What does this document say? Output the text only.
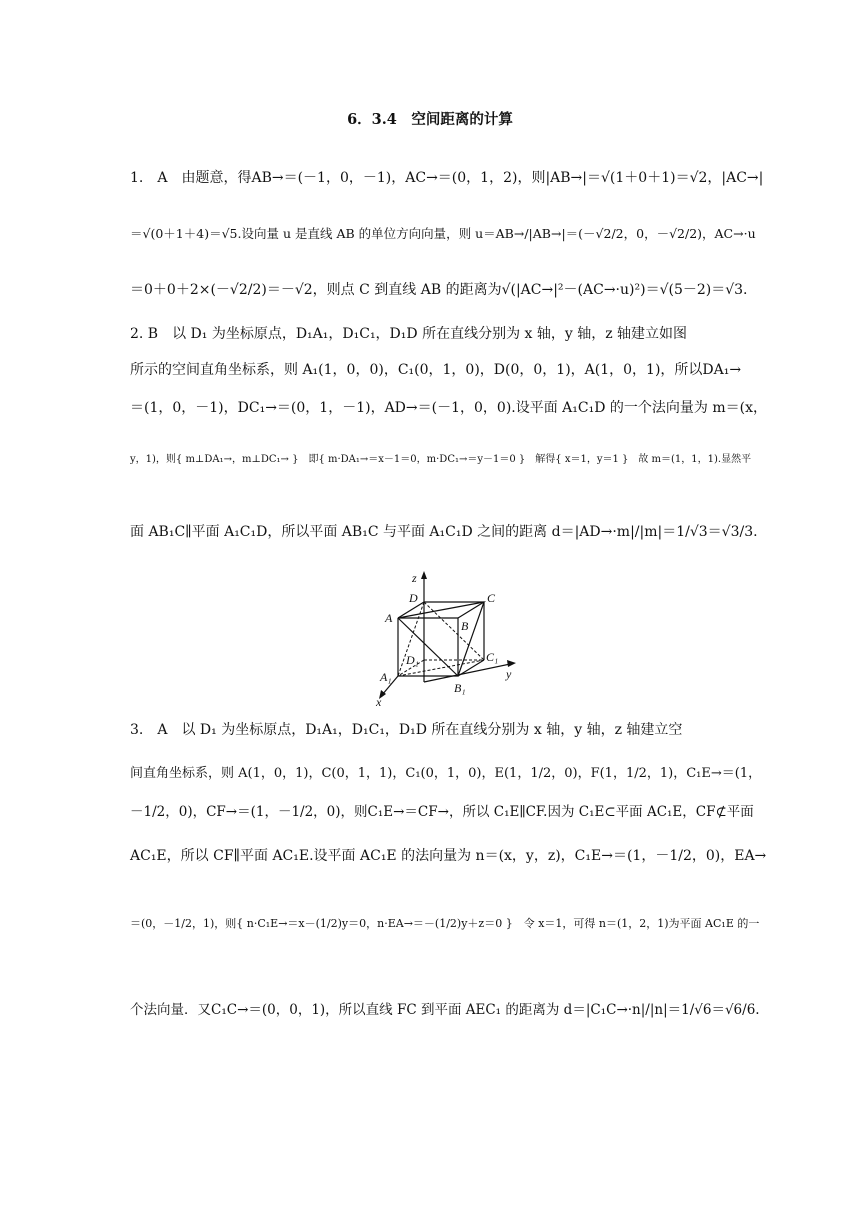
6．3.4　空间距离的计算
1.　A　由题意，得AB→＝(－1，0，－1)，AC→＝(0，1，2)，则|AB→|＝√(1＋0＋1)＝√2，|AC→|
＝√(0＋1＋4)＝√5.设向量 u 是直线 AB 的单位方向向量，则 u＝AB→/|AB→|＝(－√2/2，0，－√2/2)，AC→·u
＝0＋0＋2×(－√2/2)＝－√2，则点 C 到直线 AB 的距离为√(|AC→|²－(AC→·u)²)＝√(5－2)＝√3.
2. B　以 D₁ 为坐标原点，D₁A₁，D₁C₁，D₁D 所在直线分别为 x 轴，y 轴，z 轴建立如图
所示的空间直角坐标系，则 A₁(1，0，0)，C₁(0，1，0)，D(0，0，1)，A(1，0，1)，所以DA₁→
＝(1，0，－1)，DC₁→＝(0，1，－1)，AD→＝(－1，0，0).设平面 A₁C₁D 的一个法向量为 m＝(x，
y，1)，则{ m⊥DA₁→，m⊥DC₁→ }　即{ m·DA₁→＝x－1＝0，m·DC₁→＝y－1＝0 }　解得{ x＝1，y＝1 }　故 m＝(1，1，1).显然平
面 AB₁C∥平面 A₁C₁D，所以平面 AB₁C 与平面 A₁C₁D 之间的距离 d＝|AD→·m|/|m|＝1/√3＝√3/3.
z
y
x
D	C
A
B
D₁	C₁
A₁
B₁
3.　A　以 D₁ 为坐标原点，D₁A₁，D₁C₁，D₁D 所在直线分别为 x 轴，y 轴，z 轴建立空
间直角坐标系，则 A(1，0，1)，C(0，1，1)，C₁(0，1，0)，E(1，1/2，0)，F(1，1/2，1)，C₁E→＝(1，
－1/2，0)，CF→＝(1，－1/2，0)，则C₁E→＝CF→，所以 C₁E∥CF.因为 C₁E⊂平面 AC₁E，CF⊄平面
AC₁E，所以 CF∥平面 AC₁E.设平面 AC₁E 的法向量为 n＝(x，y，z)，C₁E→＝(1，－1/2，0)，EA→
＝(0，－1/2，1)，则{ n·C₁E→＝x－(1/2)y＝0，n·EA→＝－(1/2)y＋z＝0 }　令 x＝1，可得 n＝(1，2，1)为平面 AC₁E 的一
个法向量．又C₁C→＝(0，0，1)，所以直线 FC 到平面 AEC₁ 的距离为 d＝|C₁C→·n|/|n|＝1/√6＝√6/6.
